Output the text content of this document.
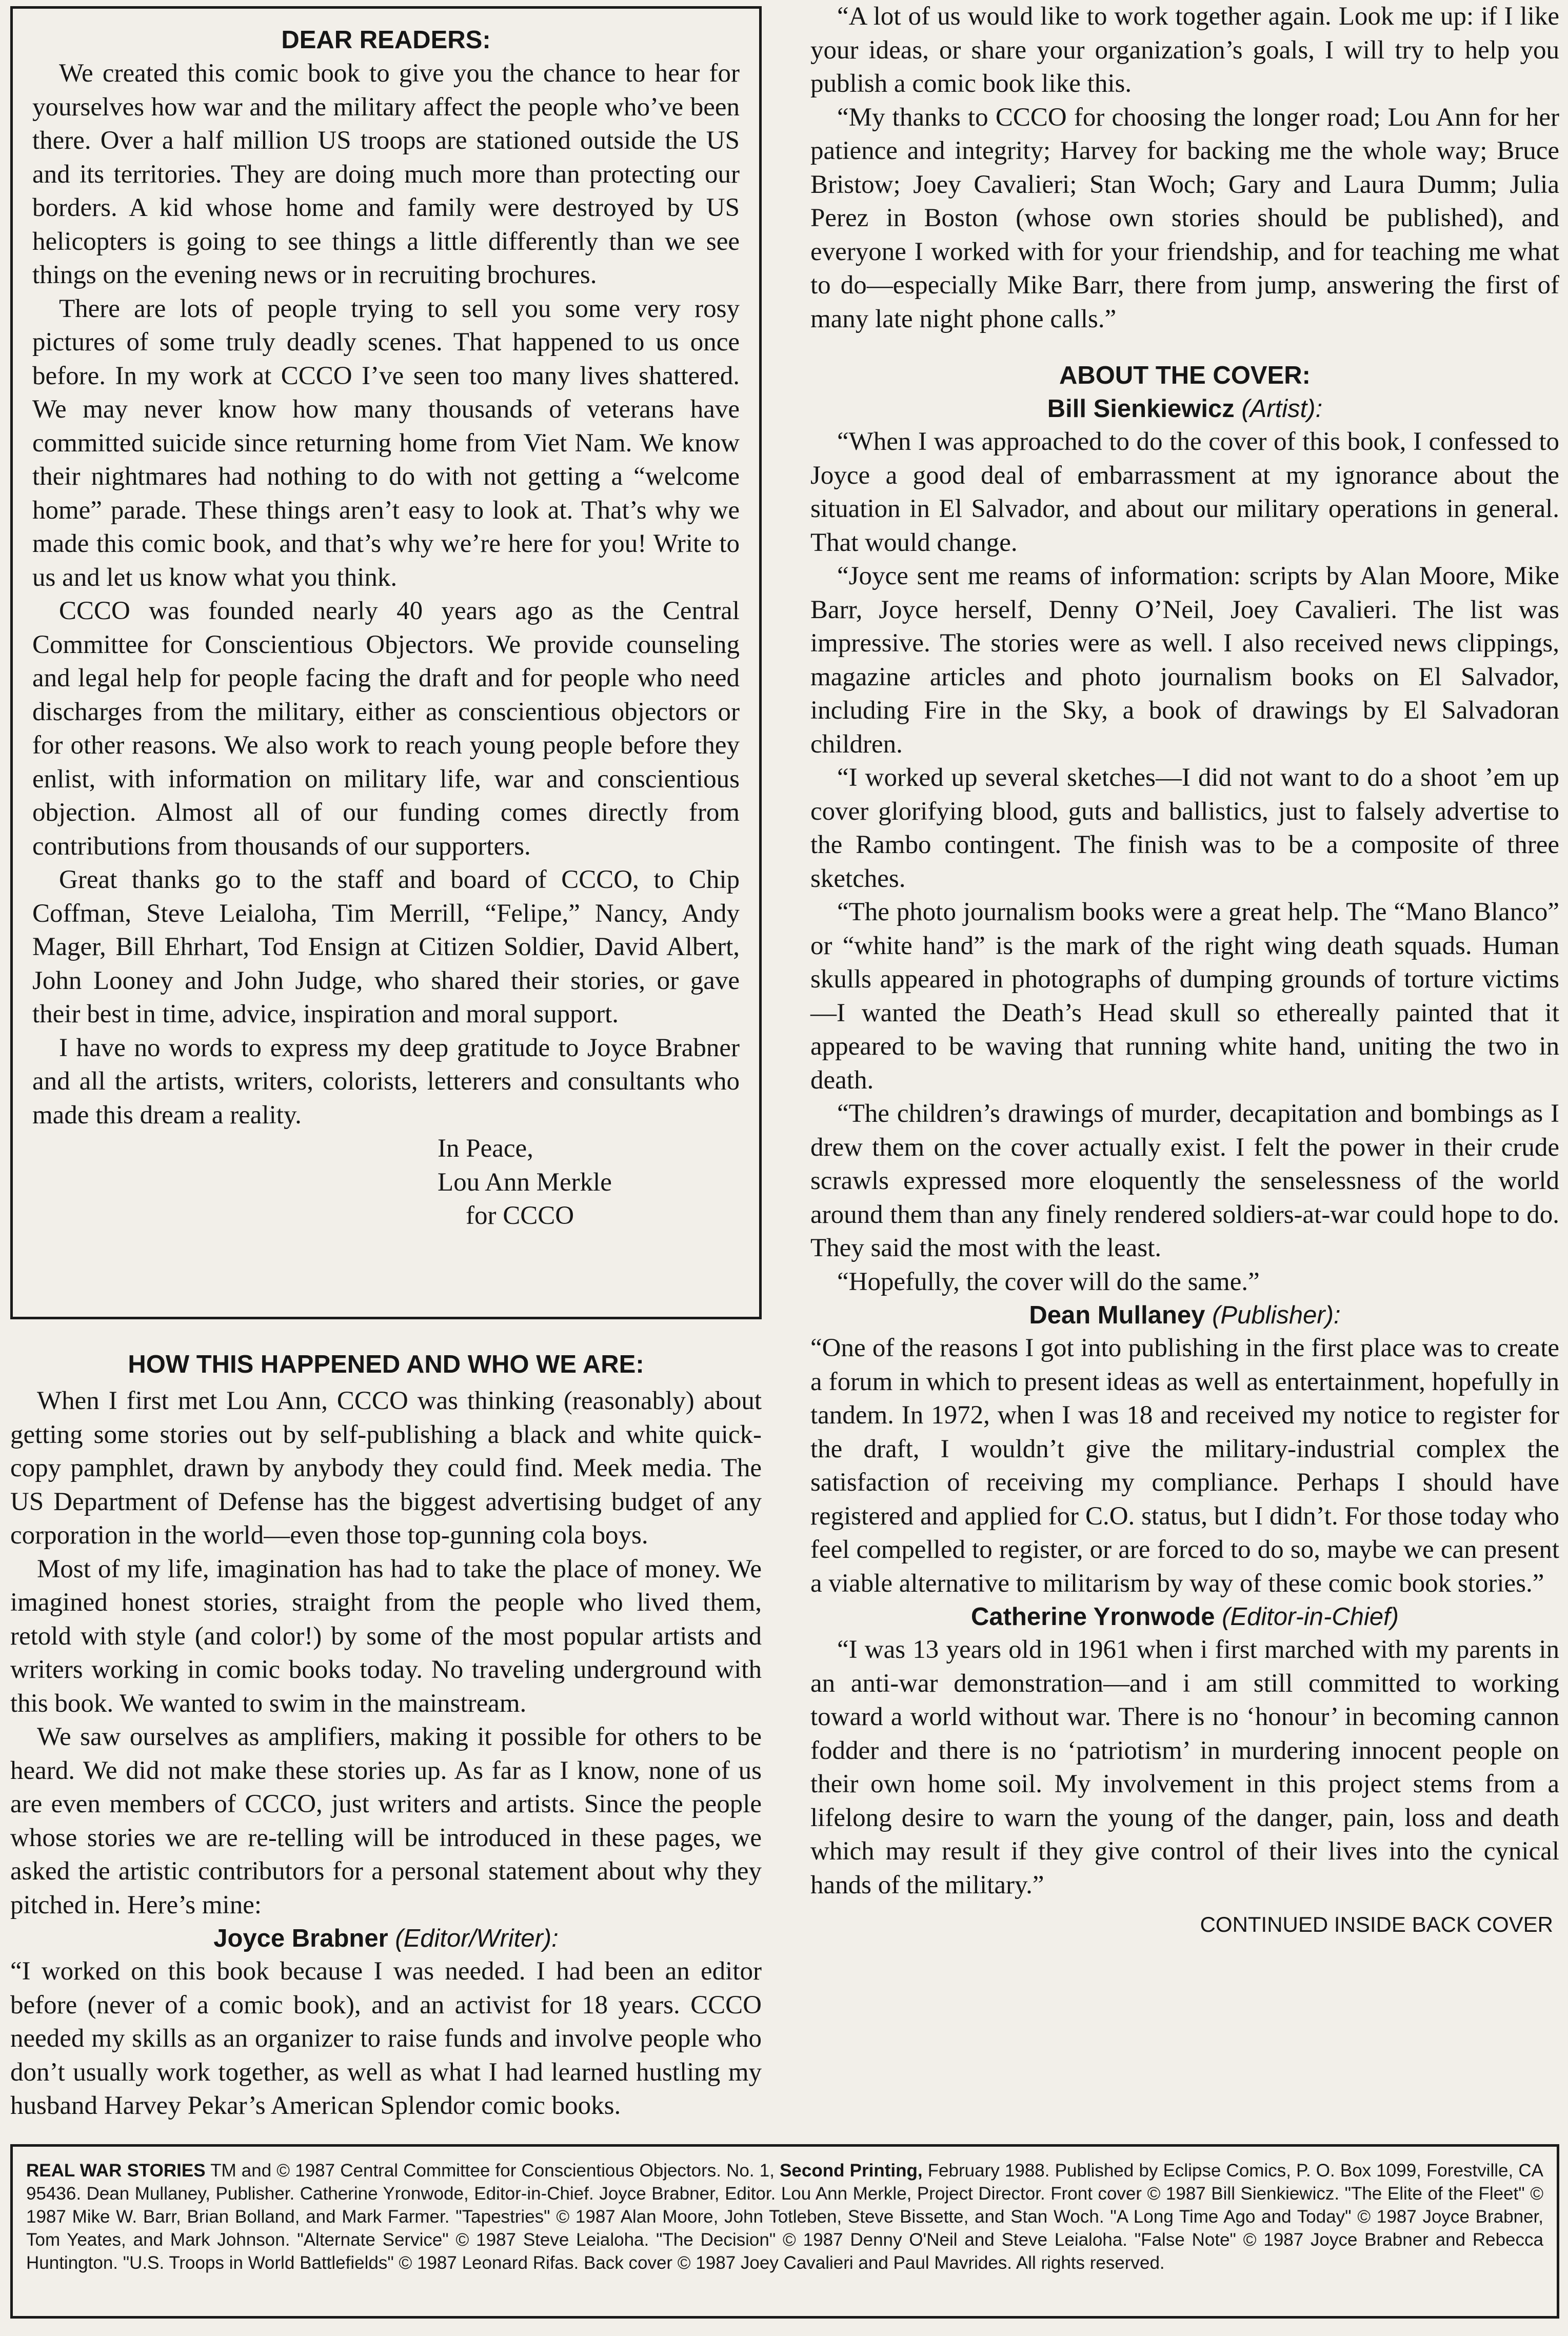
DEAR READERS:

We created this comic book to give you the chance to hear for yourselves how war and the military affect the people who’ve been there. Over a half million US troops are stationed outside the US and its territories. They are doing much more than protecting our borders. A kid whose home and family were destroyed by US helicopters is going to see things a little differently than we see things on the evening news or in recruiting brochures.

There are lots of people trying to sell you some very rosy pictures of some truly deadly scenes. That happened to us once before. In my work at CCCO I’ve seen too many lives shattered. We may never know how many thousands of veterans have committed suicide since returning home from Viet Nam. We know their nightmares had nothing to do with not getting a “welcome home” parade. These things aren’t easy to look at. That’s why we made this comic book, and that’s why we’re here for you! Write to us and let us know what you think.

CCCO was founded nearly 40 years ago as the Central Committee for Conscientious Objectors. We provide counseling and legal help for people facing the draft and for people who need discharges from the military, either as conscientious objectors or for other reasons. We also work to reach young people before they enlist, with information on military life, war and conscientious objection. Almost all of our funding comes directly from contributions from thousands of our supporters.

Great thanks go to the staff and board of CCCO, to Chip Coffman, Steve Leialoha, Tim Merrill, “Felipe,” Nancy, Andy Mager, Bill Ehrhart, Tod Ensign at Citizen Soldier, David Albert, John Looney and John Judge, who shared their stories, or gave their best in time, advice, inspiration and moral support.

I have no words to express my deep gratitude to Joyce Brabner and all the artists, writers, colorists, letterers and consultants who made this dream a reality.

In Peace,
Lou Ann Merkle
for CCCO
HOW THIS HAPPENED AND WHO WE ARE:

When I first met Lou Ann, CCCO was thinking (reasonably) about getting some stories out by self-publishing a black and white quick-copy pamphlet, drawn by anybody they could find. Meek media. The US Department of Defense has the biggest advertising budget of any corporation in the world—even those top-gunning cola boys.

Most of my life, imagination has had to take the place of money. We imagined honest stories, straight from the people who lived them, retold with style (and color!) by some of the most popular artists and writers working in comic books today. No traveling underground with this book. We wanted to swim in the mainstream.

We saw ourselves as amplifiers, making it possible for others to be heard. We did not make these stories up. As far as I know, none of us are even members of CCCO, just writers and artists. Since the people whose stories we are re-telling will be introduced in these pages, we asked the artistic contributors for a personal statement about why they pitched in. Here’s mine:

Joyce Brabner (Editor/Writer):

“I worked on this book because I was needed. I had been an editor before (never of a comic book), and an activist for 18 years. CCCO needed my skills as an organizer to raise funds and involve people who don’t usually work together, as well as what I had learned hustling my husband Harvey Pekar’s American Splendor comic books.

“A lot of us would like to work together again. Look me up: if I like your ideas, or share your organization’s goals, I will try to help you publish a comic book like this.

“My thanks to CCCO for choosing the longer road; Lou Ann for her patience and integrity; Harvey for backing me the whole way; Bruce Bristow; Joey Cavalieri; Stan Woch; Gary and Laura Dumm; Julia Perez in Boston (whose own stories should be published), and everyone I worked with for your friendship, and for teaching me what to do—especially Mike Barr, there from jump, answering the first of many late night phone calls.”

ABOUT THE COVER:
Bill Sienkiewicz (Artist):

“When I was approached to do the cover of this book, I confessed to Joyce a good deal of embarrassment at my ignorance about the situation in El Salvador, and about our military operations in general. That would change.

“Joyce sent me reams of information: scripts by Alan Moore, Mike Barr, Joyce herself, Denny O’Neil, Joey Cavalieri. The list was impressive. The stories were as well. I also received news clippings, magazine articles and photo journalism books on El Salvador, including Fire in the Sky, a book of drawings by El Salvadoran children.

“I worked up several sketches—I did not want to do a shoot ’em up cover glorifying blood, guts and ballistics, just to falsely advertise to the Rambo contingent. The finish was to be a composite of three sketches.

“The photo journalism books were a great help. The “Mano Blanco” or “white hand” is the mark of the right wing death squads. Human skulls appeared in photographs of dumping grounds of torture victims—I wanted the Death’s Head skull so ethereally painted that it appeared to be waving that running white hand, uniting the two in death.

“The children’s drawings of murder, decapitation and bombings as I drew them on the cover actually exist. I felt the power in their crude scrawls expressed more eloquently the senselessness of the world around them than any finely rendered soldiers-at-war could hope to do. They said the most with the least.

“Hopefully, the cover will do the same.”

Dean Mullaney (Publisher):

“One of the reasons I got into publishing in the first place was to create a forum in which to present ideas as well as entertainment, hopefully in tandem. In 1972, when I was 18 and received my notice to register for the draft, I wouldn’t give the military-industrial complex the satisfaction of receiving my compliance. Perhaps I should have registered and applied for C.O. status, but I didn’t. For those today who feel compelled to register, or are forced to do so, maybe we can present a viable alternative to militarism by way of these comic book stories.”

Catherine Yronwode (Editor-in-Chief)

“I was 13 years old in 1961 when i first marched with my parents in an anti-war demonstration—and i am still committed to working toward a world without war. There is no ‘honour’ in becoming cannon fodder and there is no ‘patriotism’ in murdering innocent people on their own home soil. My involvement in this project stems from a lifelong desire to warn the young of the danger, pain, loss and death which may result if they give control of their lives into the cynical hands of the military.”

CONTINUED INSIDE BACK COVER
REAL WAR STORIES TM and © 1987 Central Committee for Conscientious Objectors. No. 1, Second Printing, February 1988. Published by Eclipse Comics, P. O. Box 1099, Forestville, CA 95436. Dean Mullaney, Publisher. Catherine Yronwode, Editor-in-Chief. Joyce Brabner, Editor. Lou Ann Merkle, Project Director. Front cover © 1987 Bill Sienkiewicz. "The Elite of the Fleet" © 1987 Mike W. Barr, Brian Bolland, and Mark Farmer. "Tapestries" © 1987 Alan Moore, John Totleben, Steve Bissette, and Stan Woch. "A Long Time Ago and Today" © 1987 Joyce Brabner, Tom Yeates, and Mark Johnson. "Alternate Service" © 1987 Steve Leialoha. "The Decision" © 1987 Denny O'Neil and Steve Leialoha. "False Note" © 1987 Joyce Brabner and Rebecca Huntington. "U.S. Troops in World Battlefields" © 1987 Leonard Rifas. Back cover © 1987 Joey Cavalieri and Paul Mavrides. All rights reserved.
